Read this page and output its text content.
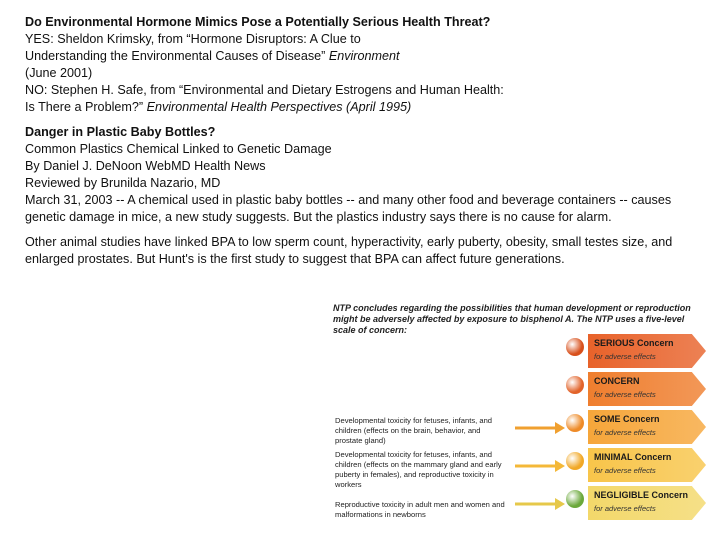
Do Environmental Hormone Mimics Pose a Potentially Serious Health Threat?
YES: Sheldon Krimsky, from “Hormone Disruptors: A Clue to
Understanding the Environmental Causes of Disease” Environment
(June 2001)
NO: Stephen H. Safe, from “Environmental and Dietary Estrogens and Human Health:
Is There a Problem?” Environmental Health Perspectives (April 1995)
Danger in Plastic Baby Bottles?
Common Plastics Chemical Linked to Genetic Damage
By Daniel J. DeNoon WebMD Health News
Reviewed by Brunilda Nazario, MD
March 31, 2003 -- A chemical used in plastic baby bottles -- and many other food and beverage containers -- causes genetic damage in mice, a new study suggests. But the plastics industry says there is no cause for alarm.
Other animal studies have linked BPA to low sperm count, hyperactivity, early puberty, obesity, small testes size, and enlarged prostates. But Hunt's is the first study to suggest that BPA can affect future generations.
NTP concludes regarding the possibilities that human development or reproduction might be adversely affected by exposure to bisphenol A. The NTP uses a five-level scale of concern:
SERIOUS Concern
for adverse effects
CONCERN
for adverse effects
SOME Concern
for adverse effects
MINIMAL Concern
for adverse effects
NEGLIGIBLE Concern
for adverse effects
Developmental toxicity for fetuses, infants, and children (effects on the brain, behavior, and prostate gland)
Developmental toxicity for fetuses, infants, and children (effects on the mammary gland and early puberty in females), and reproductive toxicity in workers
Reproductive toxicity in adult men and women and malformations in newborns
